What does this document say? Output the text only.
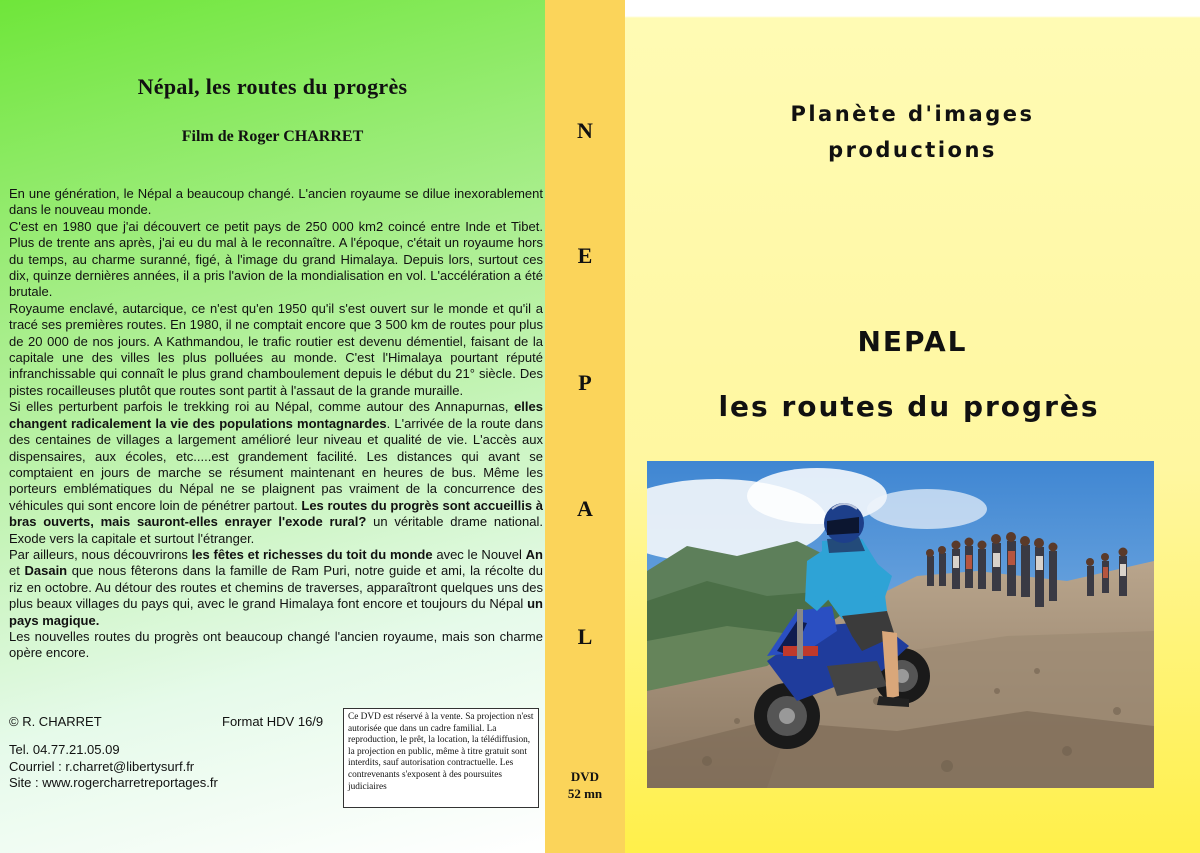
Népal, les routes du progrès
Film de Roger CHARRET

En une génération, le Népal a beaucoup changé. L'ancien royaume se dilue inexorablement dans le nouveau monde.

C'est en 1980 que j'ai découvert ce petit pays de 250 000 km2 coincé entre Inde et Tibet. Plus de trente ans après, j'ai eu du mal à le reconnaître. A l'époque, c'était un royaume hors du temps, au charme suranné, figé, à l'image du grand Himalaya. Depuis lors, surtout ces dix, quinze dernières années, il a pris l'avion de la mondialisation en vol. L'accélération a été brutale.

Royaume enclavé, autarcique, ce n'est qu'en 1950 qu'il s'est ouvert sur le monde et qu'il a tracé ses premières routes. En 1980, il ne comptait encore que 3 500 km de routes pour plus de 20 000 de nos jours. A Kathmandou, le trafic routier est devenu démentiel, faisant de la capitale une des villes les plus polluées au monde. C'est l'Himalaya pourtant réputé infranchissable qui connaît le plus grand chamboulement depuis le début du 21° siècle. Des pistes rocailleuses plutôt que routes sont partit à l'assaut de la grande muraille.

Si elles perturbent parfois le trekking roi au Népal, comme autour des Annapurnas, elles changent radicalement la vie des populations montagnardes. L'arrivée de la route dans des centaines de villages a largement amélioré leur niveau et qualité de vie. L'accès aux dispensaires, aux écoles, etc.....est grandement facilité. Les distances qui avant se comptaient en jours de marche se résument maintenant en heures de bus. Même les porteurs emblématiques du Népal ne se plaignent pas vraiment de la concurrence des véhicules qui sont encore loin de pénétrer partout. Les routes du progrès sont accueillis à bras ouverts, mais sauront-elles enrayer l'exode rural? un véritable drame national. Exode vers la capitale et surtout l'étranger.

Par ailleurs, nous découvrirons les fêtes et richesses du toit du monde avec le Nouvel An et Dasain que nous fêterons dans la famille de Ram Puri, notre guide et ami, la récolte du riz en octobre. Au détour des routes et chemins de traverses, apparaîtront quelques uns des plus beaux villages du pays qui, avec le grand Himalaya font encore et toujours du Népal un pays magique.

Les nouvelles routes du progrès ont beaucoup changé l'ancien royaume, mais son charme opère encore.

© R. CHARRET	Format HDV 16/9
Tel. 04.77.21.05.09
Courriel : r.charret@libertysurf.fr
Site : www.rogercharretreportages.fr
Ce DVD est réservé à la vente. Sa projection n'est autorisée que dans un cadre familial. La reproduction, le prêt, la location, la télédiffusion, la projection en public, même à titre gratuit sont interdits, sauf autorisation contractuelle. Les contrevenants s'exposent à des poursuites judiciaires
N
E
P
A
L
DVD
52 mn
Planète d'images
productions
NEPAL
les routes du progrès
